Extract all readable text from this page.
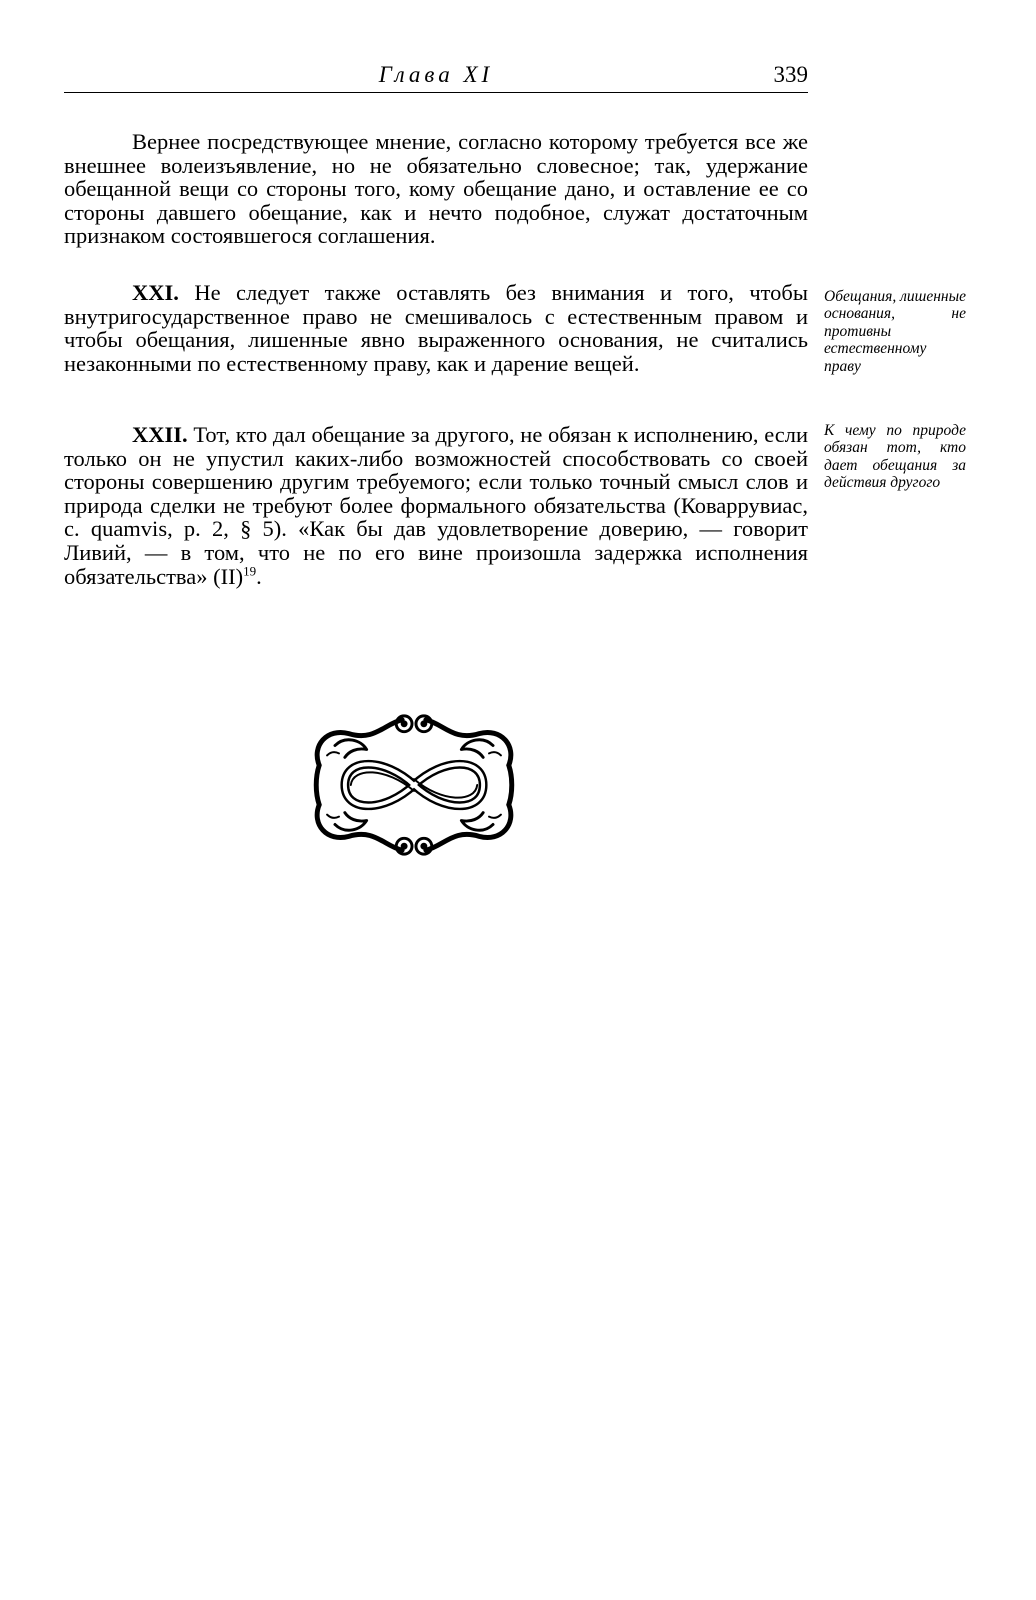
Глава XI	339

Вернее посредствующее мнение, согласно которому требуется все же внешнее волеизъявление, но не обязательно словесное; так, удержание обещанной вещи со стороны того, кому обещание дано, и оставление ее со стороны давшего обещание, как и нечто подобное, служат достаточным признаком состоявшегося соглашения.

XXI. Не следует также оставлять без внимания и того, чтобы внутригосударственное право не смешивалось с естественным правом и чтобы обещания, лишенные явно выраженного основания, не считались незаконными по естественному праву, как и дарение вещей.

XXII. Тот, кто дал обещание за другого, не обязан к исполнению, если только он не упустил каких-либо возможностей способствовать со своей стороны совершению другим требуемого; если только точный смысл слов и природа сделки не требуют более формального обязательства (Коваррувиас, c. quamvis, p. 2, § 5). «Как бы дав удовлетворение доверию, — говорит Ливий, — в том, что не по его вине произошла задержка исполнения обязательства» (II)$^{19}$.

Обещания, лишенные основания, не противны естественному праву

К чему по природе обязан тот, кто дает обещания за действия другого
